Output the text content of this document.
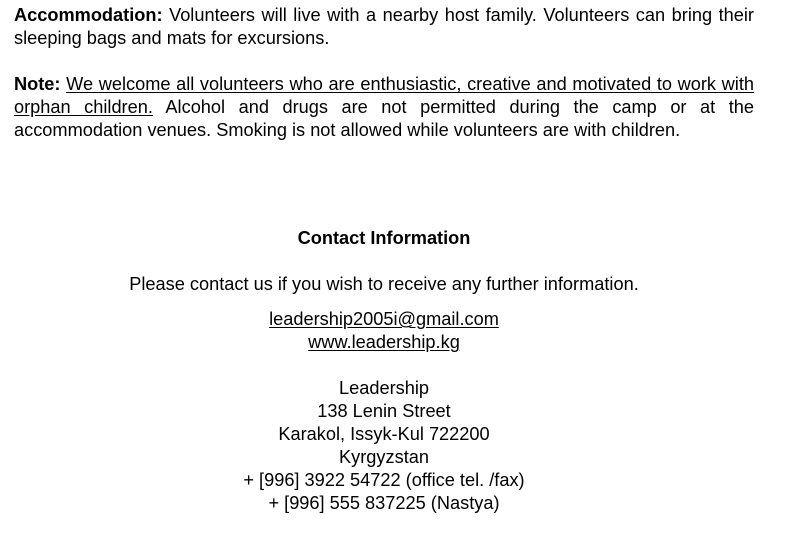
Accommodation: Volunteers will live with a nearby host family. Volunteers can bring their sleeping bags and mats for excursions.

Note: We welcome all volunteers who are enthusiastic, creative and motivated to work with orphan children. Alcohol and drugs are not permitted during the camp or at the accommodation venues. Smoking is not allowed while volunteers are with children.

Contact Information
Please contact us if you wish to receive any further information.
leadership2005i@gmail.com
www.leadership.kg
Leadership
138 Lenin Street
Karakol, Issyk-Kul 722200
Kyrgyzstan
+ [996] 3922 54722 (office tel. /fax)
+ [996] 555 837225 (Nastya)
